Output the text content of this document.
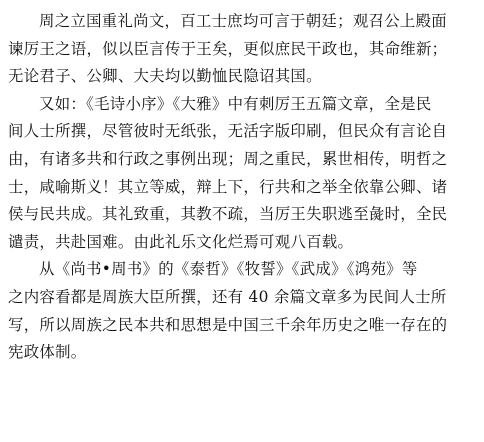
周之立国重礼尚文，百工士庶均可言于朝廷；观召公上殿面
谏厉王之语，似以臣言传于王矣，更似庶民干政也，其命维新；
无论君子、公卿、大夫均以勤恤民隐诏其国。
又如：《毛诗小序》《大雅》中有刺厉王五篇文章，全是民
间人士所撰，尽管彼时无纸张，无活字版印刷，但民众有言论自
由，有诸多共和行政之事例出现；周之重民，累世相传，明哲之
士，咸喻斯义！其立等威，辩上下，行共和之举全依靠公卿、诸
侯与民共成。其礼致重，其教不疏，当厉王失职逃至彘时，全民
谴责，共赴国难。由此礼乐文化烂焉可观八百载。
从《尚书•周书》的《泰哲》《牧誓》《武成》《鸿苑》等
之内容看都是周族大臣所撰，还有 40 余篇文章多为民间人士所
写，所以周族之民本共和思想是中国三千余年历史之唯一存在的
宪政体制。
